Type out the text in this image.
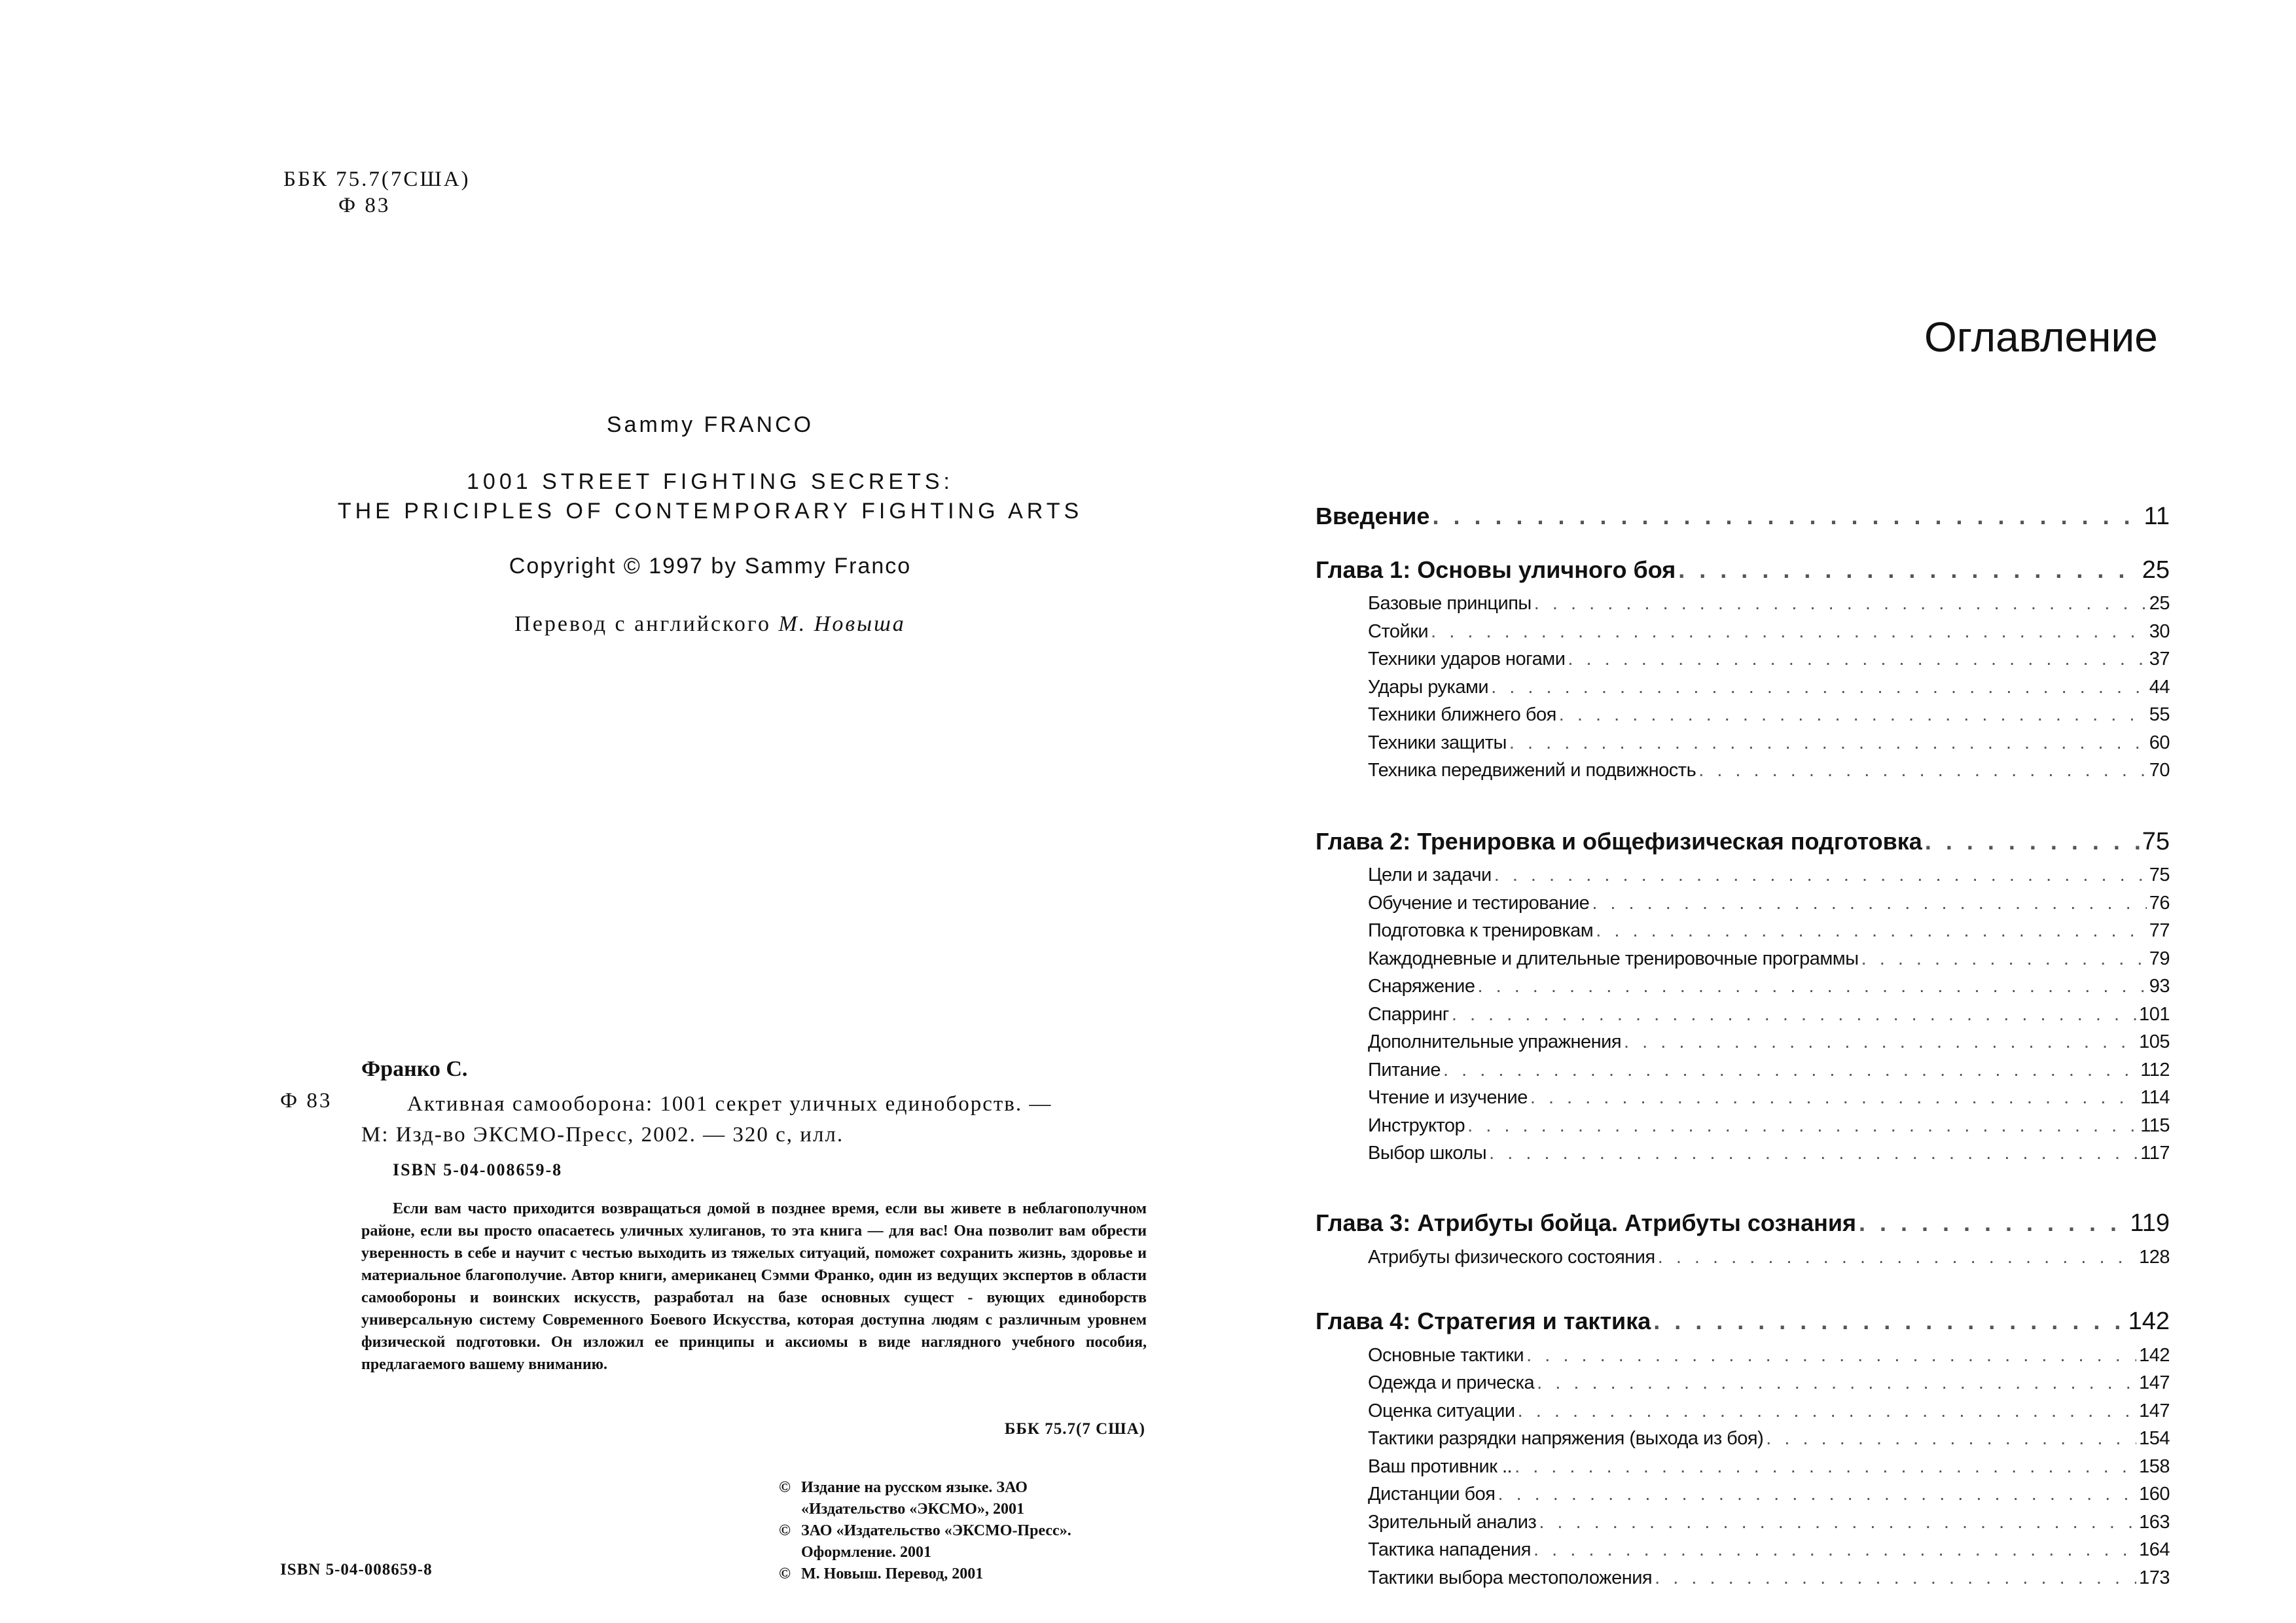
ББК 75.7(7США)
Ф 83
Sammy FRANCO
1001 STREET FIGHTING SECRETS:
THE PRICIPLES OF CONTEMPORARY FIGHTING ARTS
Copyright © 1997 by Sammy Franco
Перевод с английского М. Новыша
Франко С.
Ф 83	Активная самооборона: 1001 секрет уличных единоборств. —
М: Изд-во ЭКСМО-Пресс, 2002. — 320 с, илл.
ISBN 5-04-008659-8

Если вам часто приходится возвращаться домой в позднее время, если вы живете в неблагополучном районе, если вы просто опасаетесь уличных хулиганов, то эта книга — для вас! Она позволит вам обрести уверенность в себе и научит с честью выходить из тяжелых ситуаций, поможет сохранить жизнь, здоровье и материальное благополучие. Автор книги, американец Сэмми Франко, один из ведущих экспертов в области самообороны и воинских искусств, разработал на базе основных сущест - вующих единоборств универсальную систему Современного Боевого Искусства, которая доступна людям с различным уровнем физической подготовки. Он изложил ее принципы и аксиомы в виде наглядного учебного пособия, предлагаемого вашему вниманию.

ББК 75.7(7 США)
© Издание на русском языке. ЗАО
«Издательство «ЭКСМО», 2001
© ЗАО «Издательство «ЭКСМО-Пресс».
Оформление. 2001
© М. Новыш. Перевод, 2001
ISBN 5-04-008659-8
Оглавление
Введение . . .	11
Глава 1: Основы уличного боя . . .	25
Базовые принципы . . .	25
Стойки . . .	30
Техники ударов ногами . . .	37
Удары руками . . .	44
Техники ближнего боя . . .	55
Техники защиты . . .	60
Техника передвижений и подвижность . . .	70
Глава 2: Тренировка и общефизическая подготовка . . .	75
Цели и задачи . . .	75
Обучение и тестирование . . .	76
Подготовка к тренировкам . . .	77
Каждодневные и длительные тренировочные программы . . .	79
Снаряжение . . .	93
Спарринг . . .	101
Дополнительные упражнения . . .	105
Питание . . .	112
Чтение и изучение . . .	114
Инструктор . . .	115
Выбор школы . . .	117
Глава 3: Атрибуты бойца. Атрибуты сознания . . .	119
Атрибуты физического состояния . . .	128
Глава 4: Стратегия и тактика . . .	142
Основные тактики . . .	142
Одежда и прическа . . .	147
Оценка ситуации . . .	147
Тактики разрядки напряжения (выхода из боя) . . .	154
Ваш противник .. . . .	158
Дистанции боя . . .	160
Зрительный анализ . . .	163
Тактика нападения . . .	164
Тактики выбора местоположения . . .	173
